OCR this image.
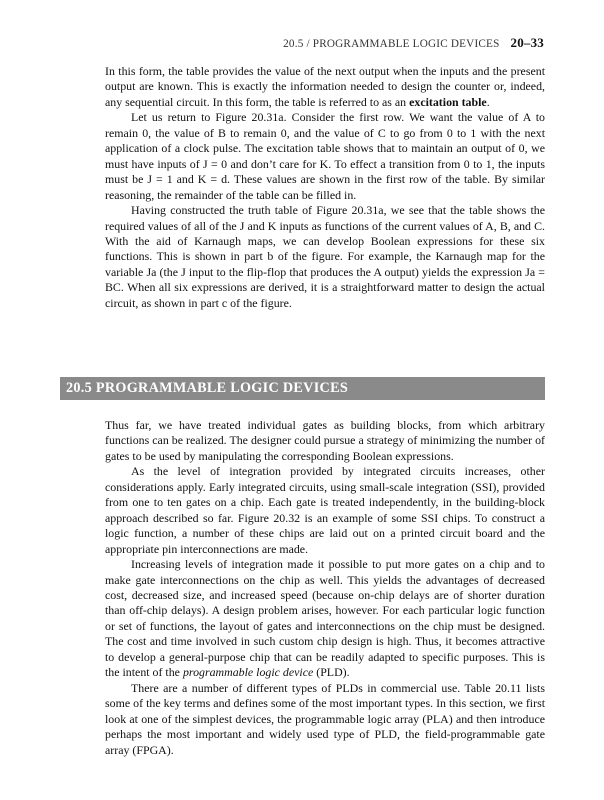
20.5 / PROGRAMMABLE LOGIC DEVICES 20–33

In this form, the table provides the value of the next output when the inputs and the present output are known. This is exactly the information needed to design the counter or, indeed, any sequential circuit. In this form, the table is referred to as an excitation table.

Let us return to Figure 20.31a. Consider the first row. We want the value of A to remain 0, the value of B to remain 0, and the value of C to go from 0 to 1 with the next application of a clock pulse. The excitation table shows that to maintain an output of 0, we must have inputs of J = 0 and don’t care for K. To effect a transition from 0 to 1, the inputs must be J = 1 and K = d. These values are shown in the first row of the table. By similar reasoning, the remainder of the table can be filled in.

Having constructed the truth table of Figure 20.31a, we see that the table shows the required values of all of the J and K inputs as functions of the current values of A, B, and C. With the aid of Karnaugh maps, we can develop Boolean expressions for these six functions. This is shown in part b of the figure. For example, the Karnaugh map for the variable Ja (the J input to the flip-flop that produces the A output) yields the expression Ja = BC. When all six expressions are derived, it is a straightforward matter to design the actual circuit, as shown in part c of the figure.

20.5 PROGRAMMABLE LOGIC DEVICES

Thus far, we have treated individual gates as building blocks, from which arbitrary functions can be realized. The designer could pursue a strategy of minimizing the number of gates to be used by manipulating the corresponding Boolean expressions.

As the level of integration provided by integrated circuits increases, other considerations apply. Early integrated circuits, using small-scale integration (SSI), provided from one to ten gates on a chip. Each gate is treated independently, in the building-block approach described so far. Figure 20.32 is an example of some SSI chips. To construct a logic function, a number of these chips are laid out on a printed circuit board and the appropriate pin interconnections are made.

Increasing levels of integration made it possible to put more gates on a chip and to make gate interconnections on the chip as well. This yields the advantages of decreased cost, decreased size, and increased speed (because on-chip delays are of shorter duration than off-chip delays). A design problem arises, however. For each particular logic function or set of functions, the layout of gates and interconnections on the chip must be designed. The cost and time involved in such custom chip design is high. Thus, it becomes attractive to develop a general-purpose chip that can be readily adapted to specific purposes. This is the intent of the programmable logic device (PLD).

There are a number of different types of PLDs in commercial use. Table 20.11 lists some of the key terms and defines some of the most important types. In this section, we first look at one of the simplest devices, the programmable logic array (PLA) and then introduce perhaps the most important and widely used type of PLD, the field-programmable gate array (FPGA).
